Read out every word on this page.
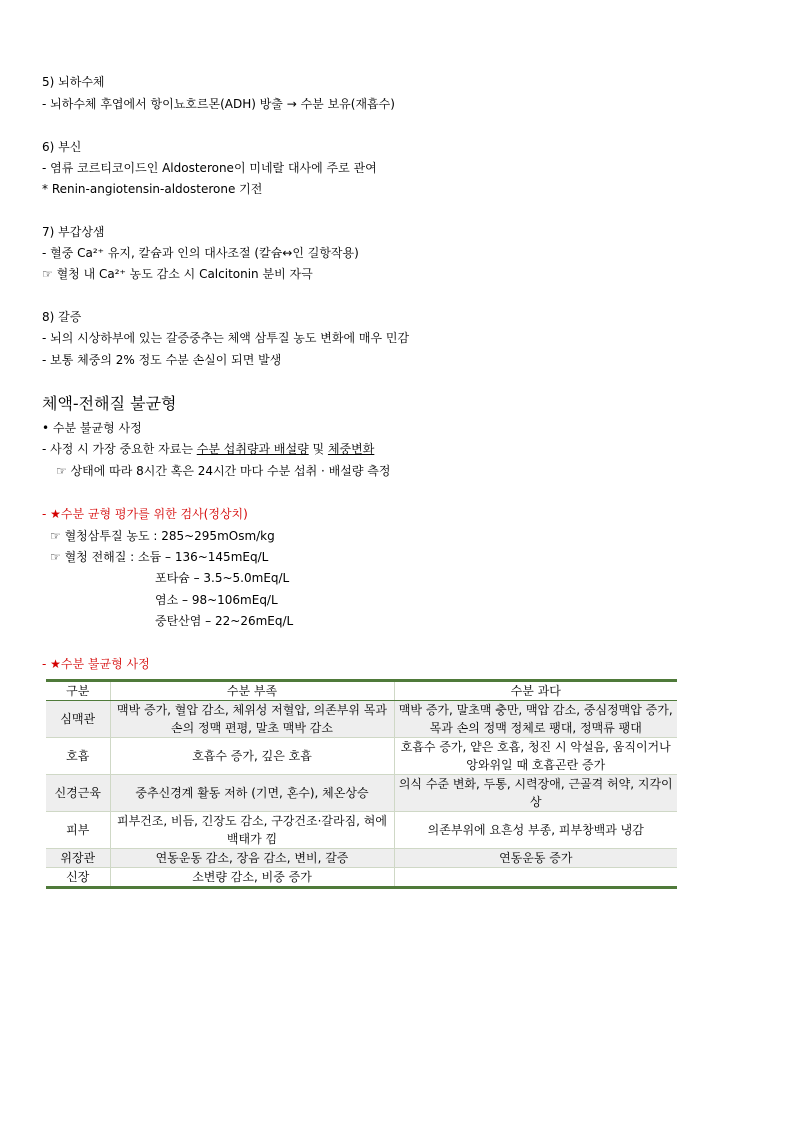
5) 뇌하수체
- 뇌하수체 후엽에서 항이뇨호르몬(ADH) 방출 → 수분 보유(재흡수)
6) 부신
- 염류 코르티코이드인 Aldosterone이 미네랄 대사에 주로 관여
* Renin-angiotensin-aldosterone 기전
7) 부갑상샘
- 혈중 Ca²⁺ 유지, 칼슘과 인의 대사조절 (칼슘↔인 길항작용)
☞ 혈청 내 Ca²⁺ 농도 감소 시 Calcitonin 분비 자극
8) 갈증
- 뇌의 시상하부에 있는 갈증중추는 체액 삼투질 농도 변화에 매우 민감
- 보통 체중의 2% 정도 수분 손실이 되면 발생
체액-전해질 불균형
• 수분 불균형 사정
- 사정 시 가장 중요한 자료는 수분 섭취량과 배설량 및 체중변화
☞ 상태에 따라 8시간 혹은 24시간 마다 수분 섭취 · 배설량 측정
- ★수분 균형 평가를 위한 검사(정상치)
☞ 혈청삼투질 농도 : 285~295mOsm/kg
☞ 혈청 전해질 : 소듐 – 136~145mEq/L
포타슘 – 3.5~5.0mEq/L
염소 – 98~106mEq/L
중탄산염 – 22~26mEq/L
- ★수분 불균형 사정
구분	수분 부족	수분 과다
심맥관	맥박 증가, 혈압 감소, 체위성 저혈압, 의존부위 목과 손의 정맥 편평, 말초 맥박 감소	맥박 증가, 말초맥 충만, 맥압 감소, 중심정맥압 증가, 목과 손의 정맥 정체로 팽대, 정맥류 팽대
호흡	호흡수 증가, 깊은 호흡	호흡수 증가, 얕은 호흡, 청진 시 악설음, 움직이거나 앙와위일 때 호흡곤란 증가
신경근육	중추신경계 활동 저하 (기면, 혼수), 체온상승	의식 수준 변화, 두통, 시력장애, 근골격 허약, 지각이상
피부	피부건조, 비듬, 긴장도 감소, 구강건조·갈라짐, 혀에 백태가 낌	의존부위에 요흔성 부종, 피부창백과 냉감
위장관	연동운동 감소, 장음 감소, 변비, 갈증	연동운동 증가
신장	소변량 감소, 비중 증가	
